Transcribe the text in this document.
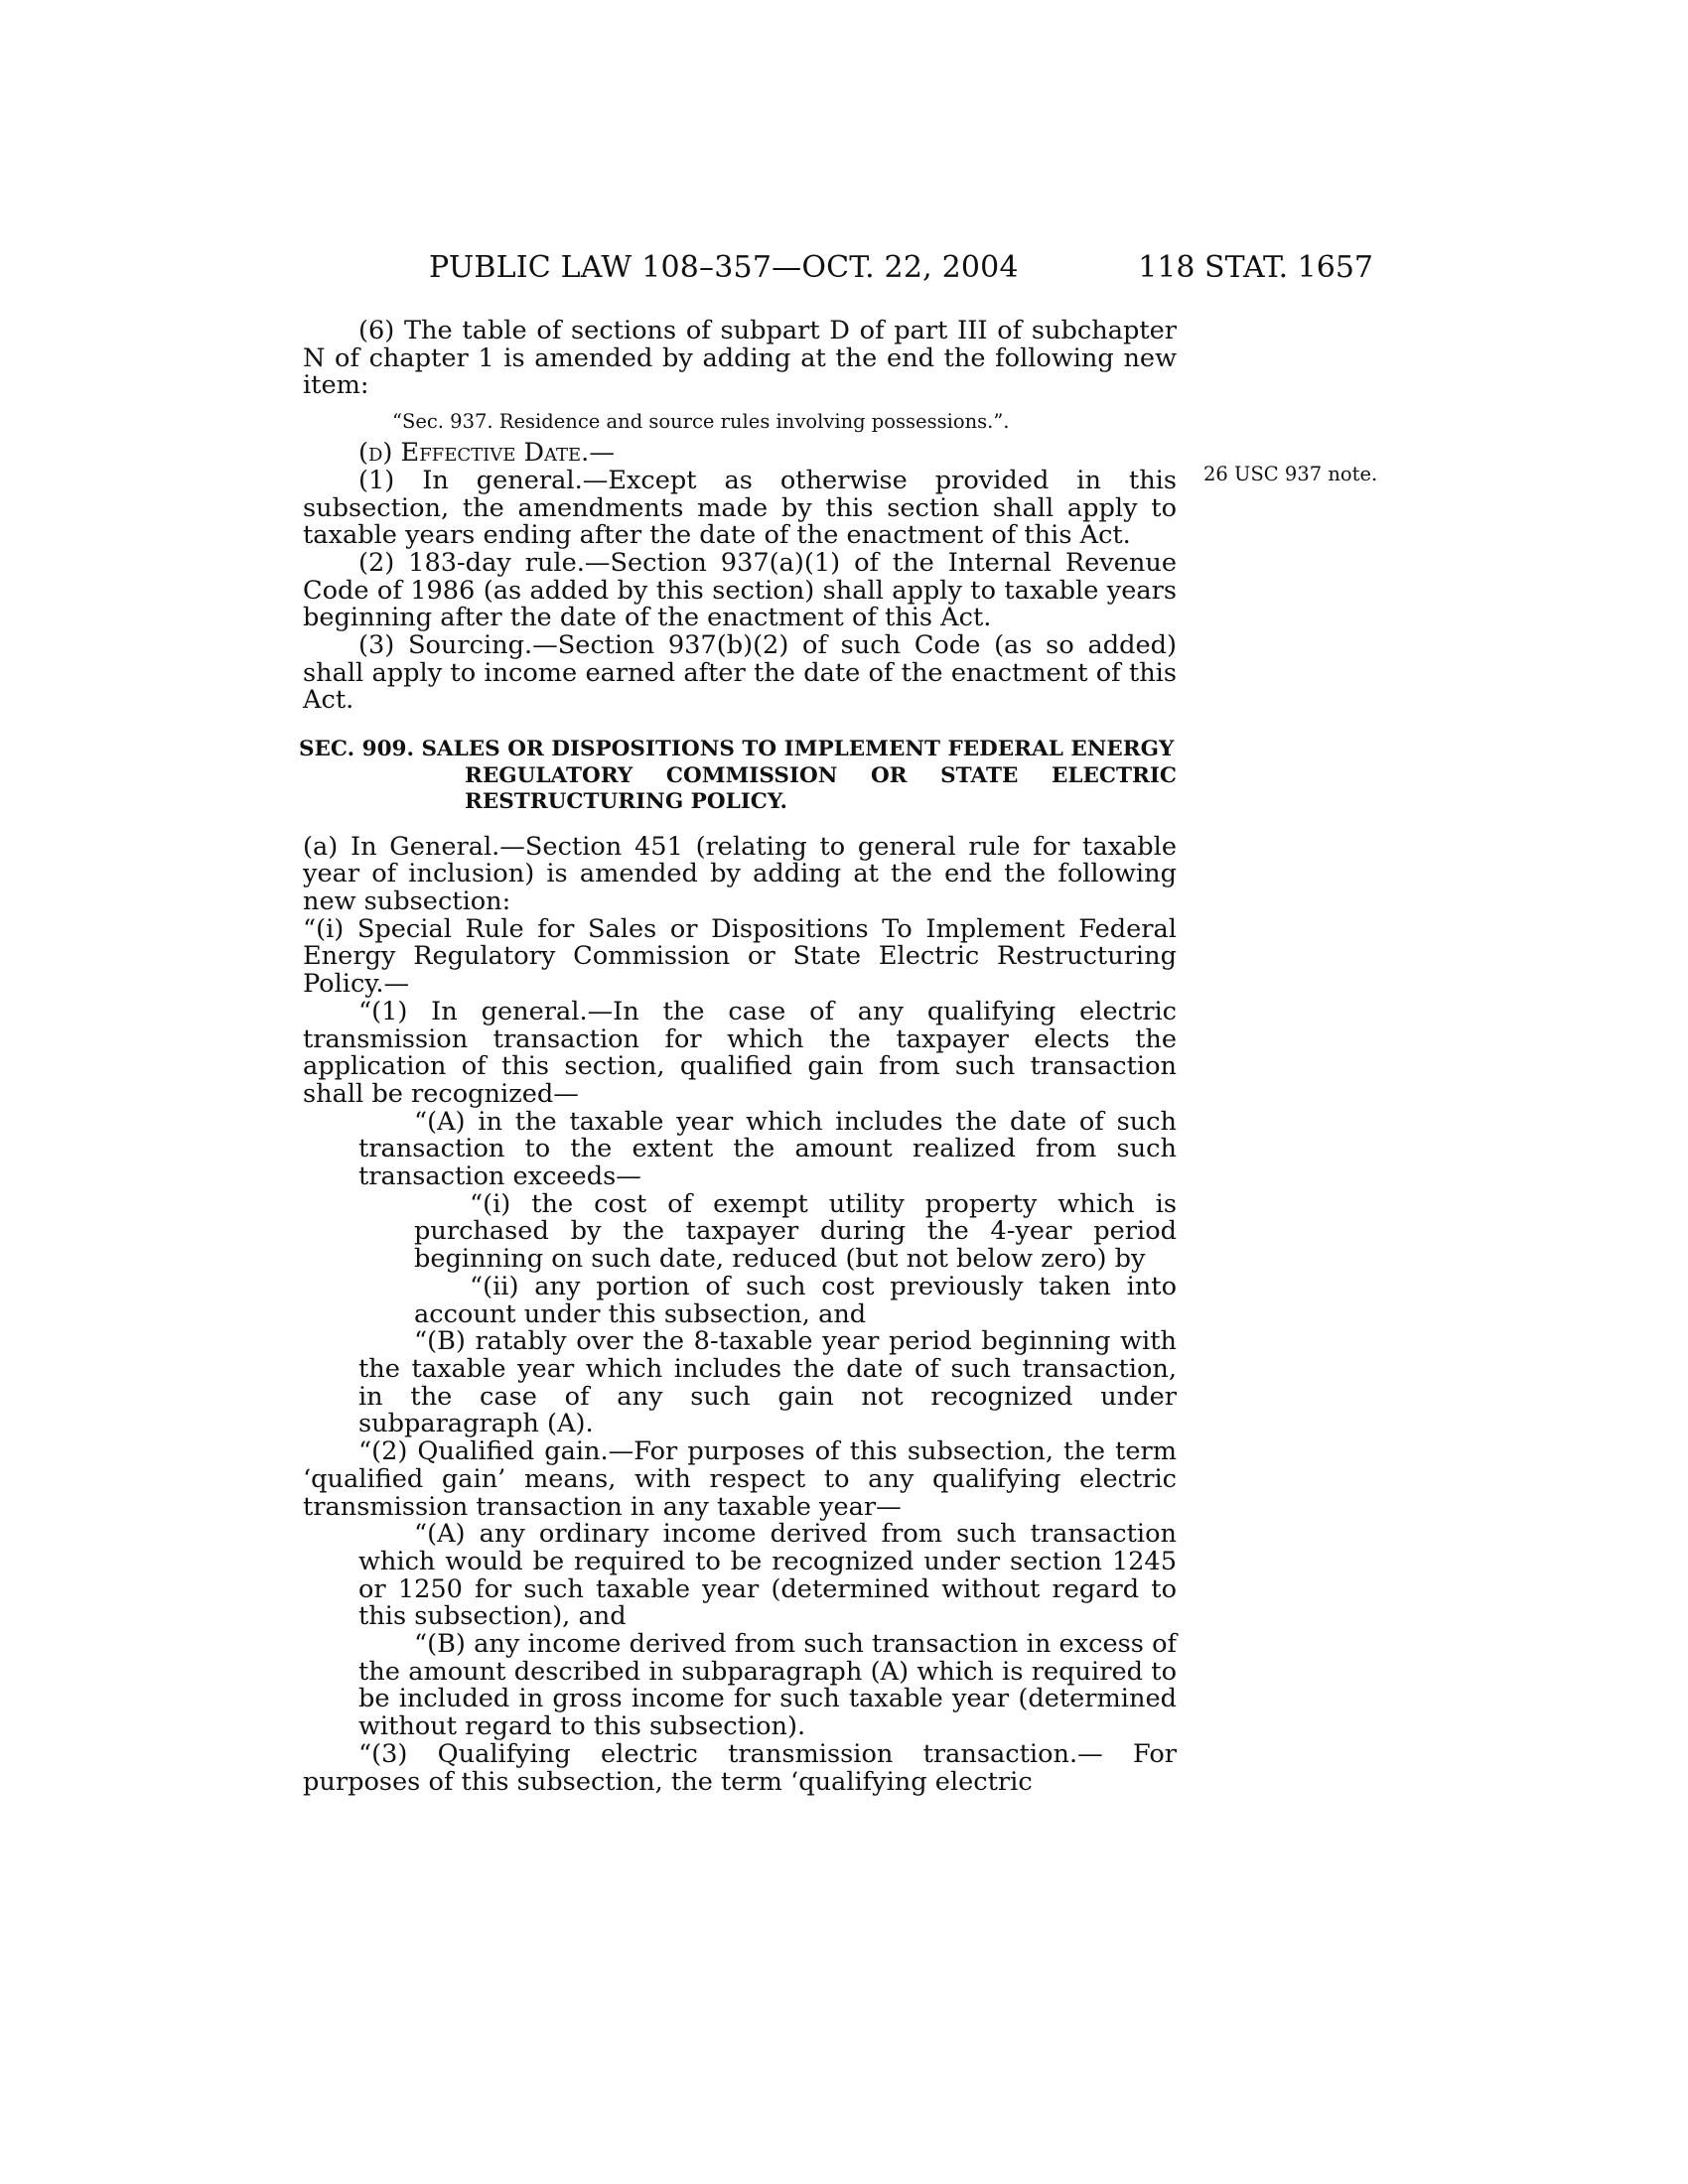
PUBLIC LAW 108–357—OCT. 22, 2004	118 STAT. 1657
26 USC 937 note.

(6) The table of sections of subpart D of part III of subchapter N of chapter 1 is amended by adding at the end the following new item:

“Sec. 937. Residence and source rules involving possessions.”.

(d) Effective Date.—

(1) In general.—Except as otherwise provided in this subsection, the amendments made by this section shall apply to taxable years ending after the date of the enactment of this Act.

(2) 183-day rule.—Section 937(a)(1) of the Internal Revenue Code of 1986 (as added by this section) shall apply to taxable years beginning after the date of the enactment of this Act.

(3) Sourcing.—Section 937(b)(2) of such Code (as so added) shall apply to income earned after the date of the enactment of this Act.

SEC. 909. SALES OR DISPOSITIONS TO IMPLEMENT FEDERAL ENERGY
REGULATORY COMMISSION OR STATE ELECTRIC
RESTRUCTURING POLICY.

(a) In General.—Section 451 (relating to general rule for taxable year of inclusion) is amended by adding at the end the following new subsection:

“(i) Special Rule for Sales or Dispositions To Implement Federal Energy Regulatory Commission or State Electric Restructuring Policy.—

“(1) In general.—In the case of any qualifying electric transmission transaction for which the taxpayer elects the application of this section, qualified gain from such transaction shall be recognized—

“(A) in the taxable year which includes the date of such transaction to the extent the amount realized from such transaction exceeds—

“(i) the cost of exempt utility property which is purchased by the taxpayer during the 4-year period beginning on such date, reduced (but not below zero) by

“(ii) any portion of such cost previously taken into account under this subsection, and

“(B) ratably over the 8-taxable year period beginning with the taxable year which includes the date of such transaction, in the case of any such gain not recognized under subparagraph (A).

“(2) Qualified gain.—For purposes of this subsection, the term ‘qualified gain’ means, with respect to any qualifying electric transmission transaction in any taxable year—

“(A) any ordinary income derived from such transaction which would be required to be recognized under section 1245 or 1250 for such taxable year (determined without regard to this subsection), and

“(B) any income derived from such transaction in excess of the amount described in subparagraph (A) which is required to be included in gross income for such taxable year (determined without regard to this subsection).

“(3) Qualifying electric transmission transaction.— For purposes of this subsection, the term ‘qualifying electric
